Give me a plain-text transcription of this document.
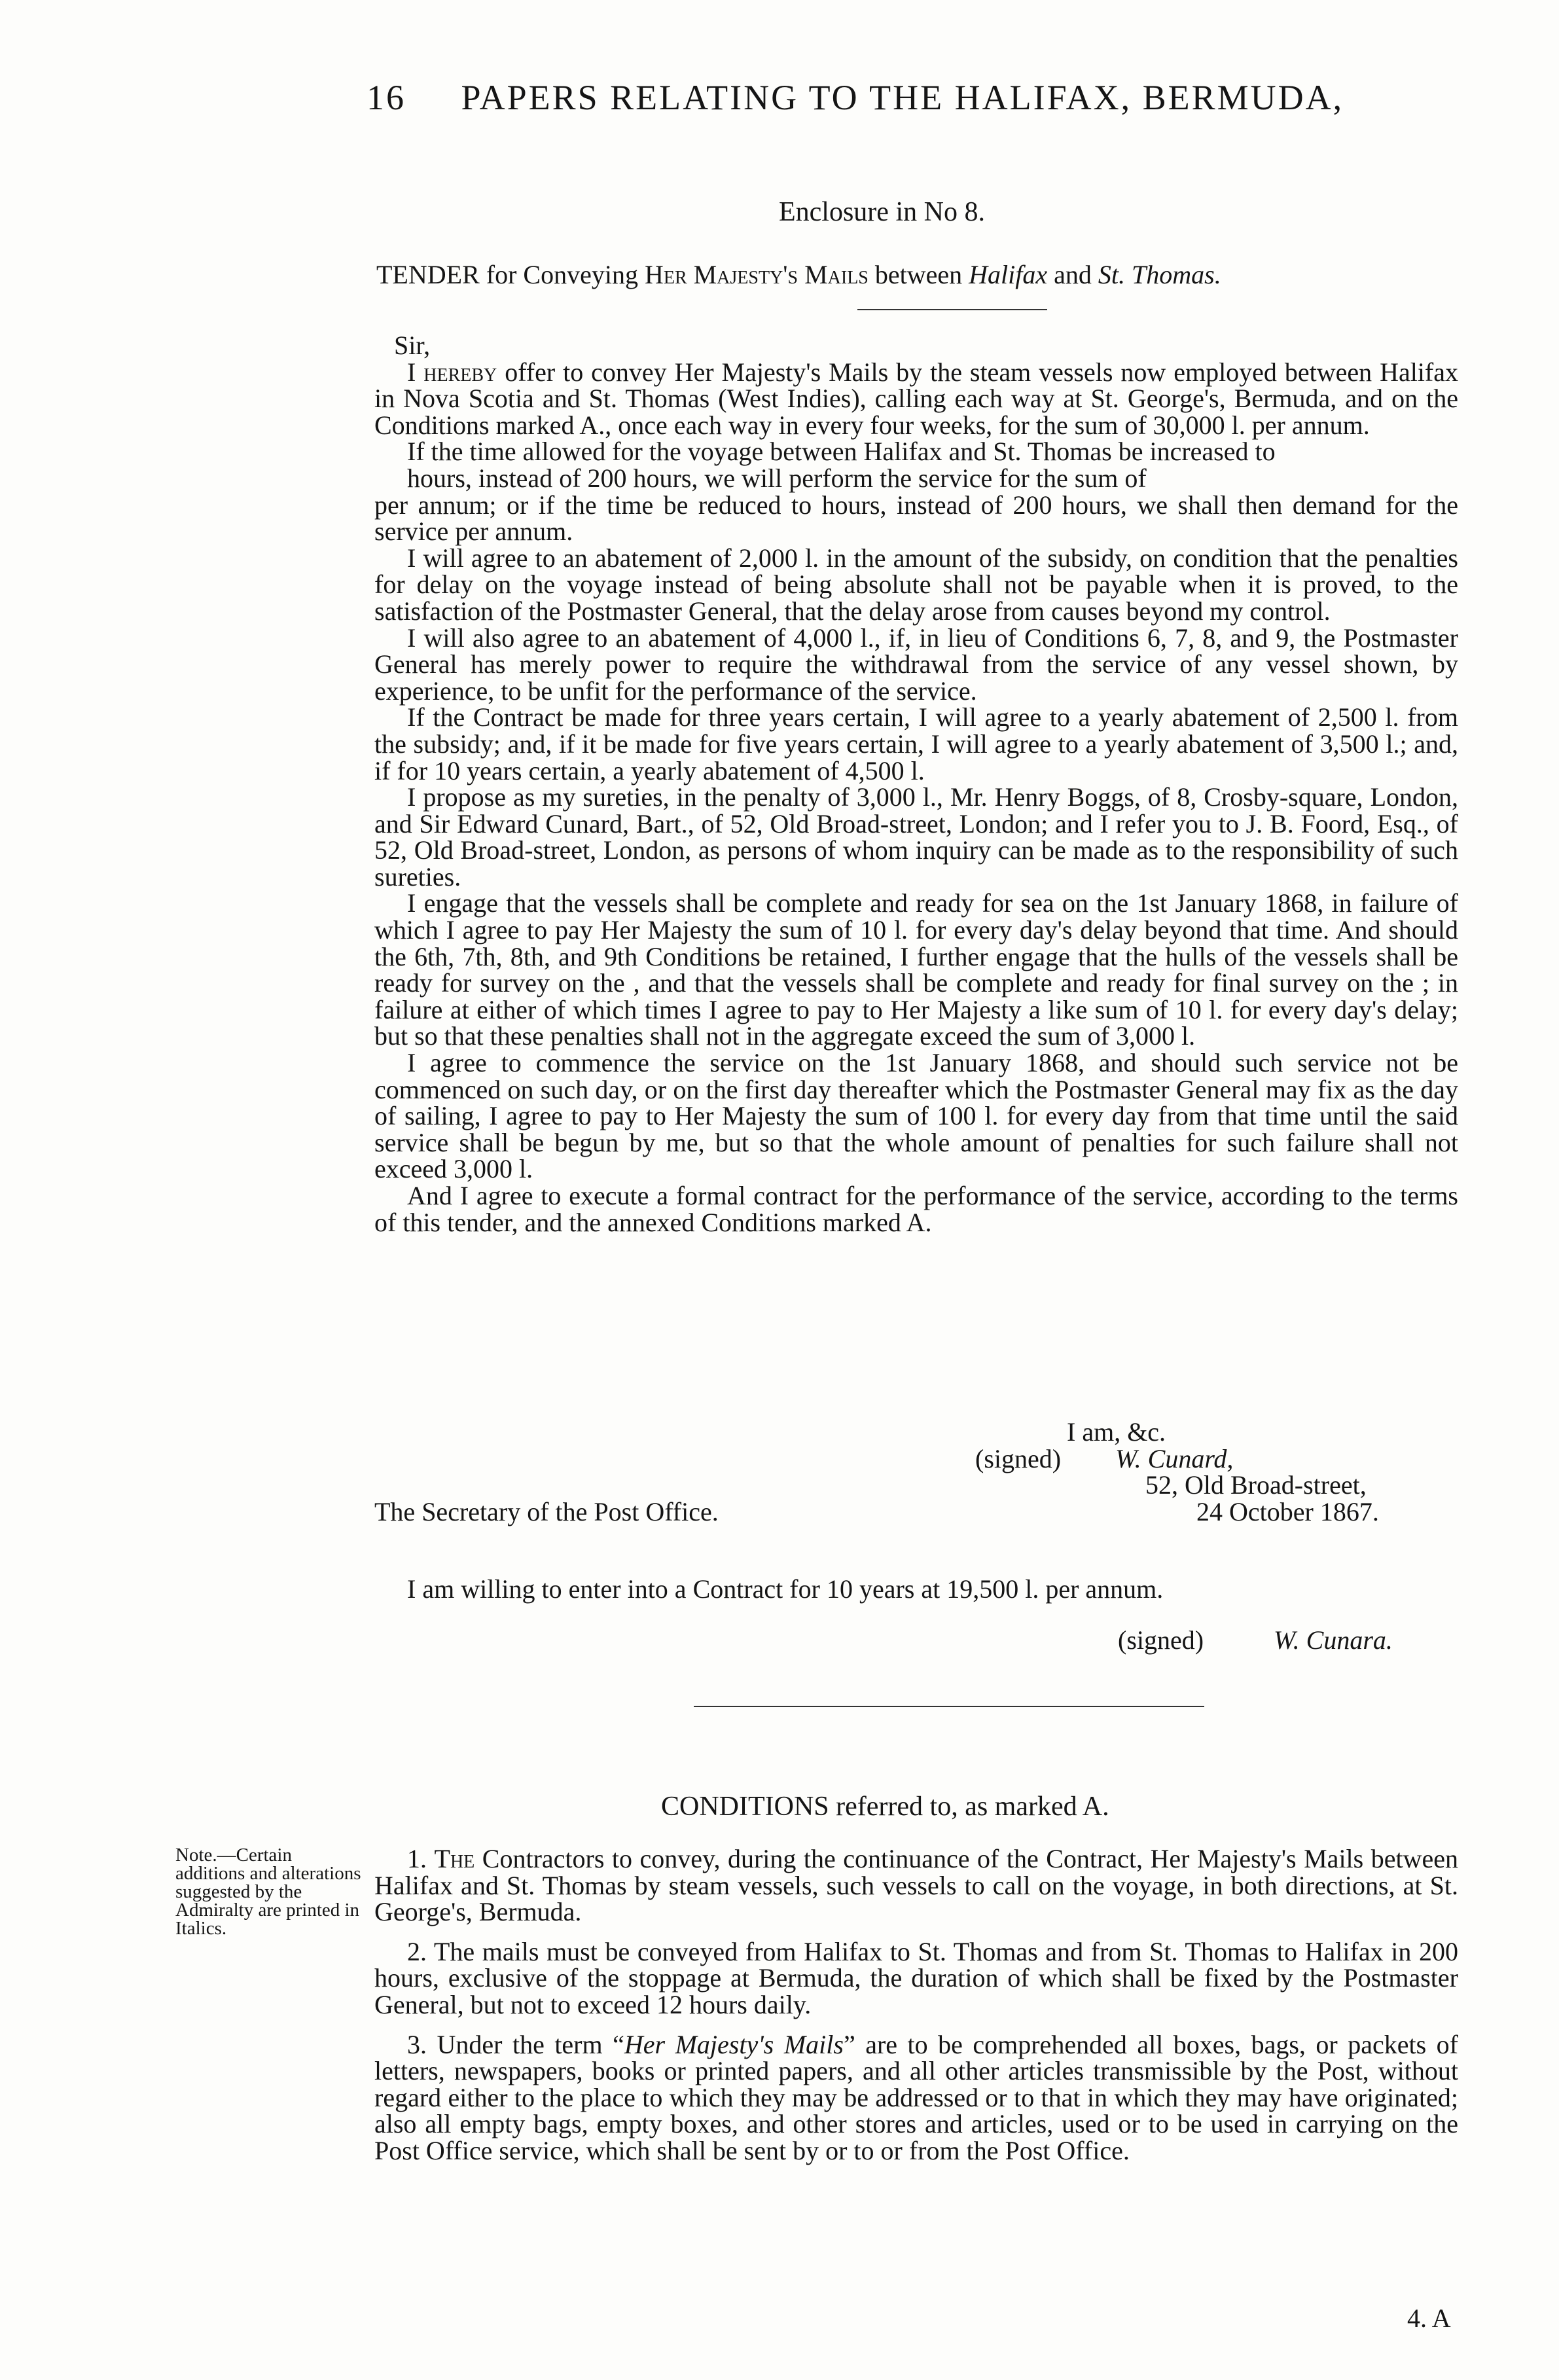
16 PAPERS RELATING TO THE HALIFAX, BERMUDA,
Enclosure in No 8.
TENDER for Conveying Her Majesty's Mails between Halifax and St. Thomas.

Sir,

I hereby offer to convey Her Majesty's Mails by the steam vessels now employed between Halifax in Nova Scotia and St. Thomas (West Indies), calling each way at St. George's, Bermuda, and on the Conditions marked A., once each way in every four weeks, for the sum of 30,000 l. per annum.

If the time allowed for the voyage between Halifax and St. Thomas be increased to

hours, instead of 200 hours, we will perform the service for the sum of

per annum; or if the time be reduced to hours, instead of 200 hours, we shall then demand for the service per annum.

I will agree to an abatement of 2,000 l. in the amount of the subsidy, on condition that the penalties for delay on the voyage instead of being absolute shall not be payable when it is proved, to the satisfaction of the Postmaster General, that the delay arose from causes beyond my control.

I will also agree to an abatement of 4,000 l., if, in lieu of Conditions 6, 7, 8, and 9, the Postmaster General has merely power to require the withdrawal from the service of any vessel shown, by experience, to be unfit for the performance of the service.

If the Contract be made for three years certain, I will agree to a yearly abatement of 2,500 l. from the subsidy; and, if it be made for five years certain, I will agree to a yearly abatement of 3,500 l.; and, if for 10 years certain, a yearly abatement of 4,500 l.

I propose as my sureties, in the penalty of 3,000 l., Mr. Henry Boggs, of 8, Crosby-square, London, and Sir Edward Cunard, Bart., of 52, Old Broad-street, London; and I refer you to J. B. Foord, Esq., of 52, Old Broad-street, London, as persons of whom inquiry can be made as to the responsibility of such sureties.

I engage that the vessels shall be complete and ready for sea on the 1st January 1868, in failure of which I agree to pay Her Majesty the sum of 10 l. for every day's delay beyond that time. And should the 6th, 7th, 8th, and 9th Conditions be retained, I further engage that the hulls of the vessels shall be ready for survey on the , and that the vessels shall be complete and ready for final survey on the ; in failure at either of which times I agree to pay to Her Majesty a like sum of 10 l. for every day's delay; but so that these penalties shall not in the aggregate exceed the sum of 3,000 l.

I agree to commence the service on the 1st January 1868, and should such service not be commenced on such day, or on the first day thereafter which the Postmaster General may fix as the day of sailing, I agree to pay to Her Majesty the sum of 100 l. for every day from that time until the said service shall be begun by me, but so that the whole amount of penalties for such failure shall not exceed 3,000 l.

And I agree to execute a formal contract for the performance of the service, according to the terms of this tender, and the annexed Conditions marked A.

I am, &c.
(signed) W. Cunard,
52, Old Broad-street,
The Secretary of the Post Office.	24 October 1867.

I am willing to enter into a Contract for 10 years at 19,500 l. per annum.

(signed)	W. Cunara.
CONDITIONS referred to, as marked A.
Note.—Certain additions and alterations suggested by the Admiralty are printed in Italics.

1. The Contractors to convey, during the continuance of the Contract, Her Majesty's Mails between Halifax and St. Thomas by steam vessels, such vessels to call on the voyage, in both directions, at St. George's, Bermuda.

2. The mails must be conveyed from Halifax to St. Thomas and from St. Thomas to Halifax in 200 hours, exclusive of the stoppage at Bermuda, the duration of which shall be fixed by the Postmaster General, but not to exceed 12 hours daily.

3. Under the term “Her Majesty's Mails” are to be comprehended all boxes, bags, or packets of letters, newspapers, books or printed papers, and all other articles transmissible by the Post, without regard either to the place to which they may be addressed or to that in which they may have originated; also all empty bags, empty boxes, and other stores and articles, used or to be used in carrying on the Post Office service, which shall be sent by or to or from the Post Office.

4. A
